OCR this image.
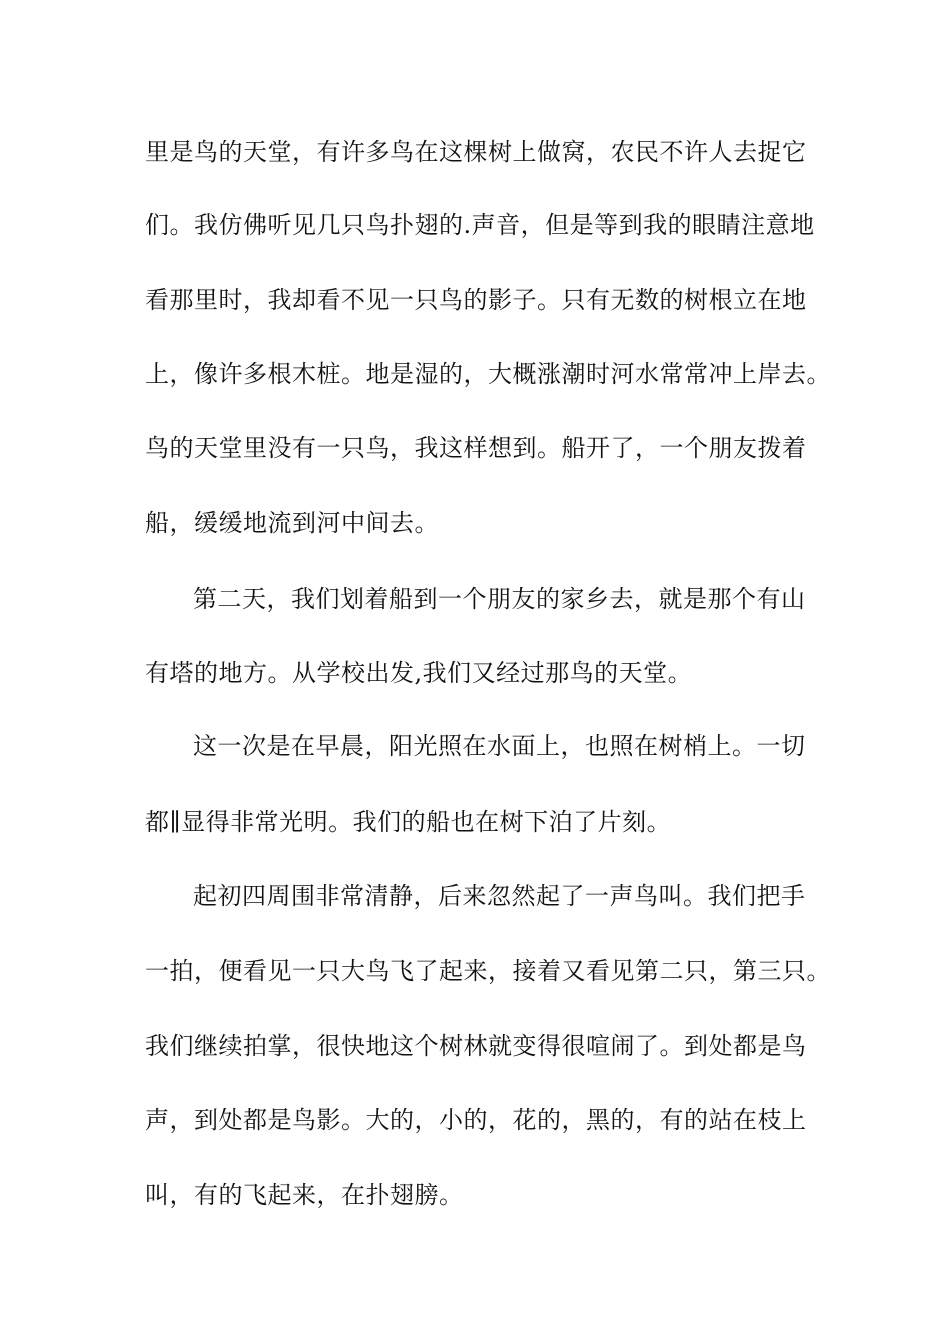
里是鸟的天堂，有许多鸟在这棵树上做窝，农民不许人去捉它
们。我仿佛听见几只鸟扑翅的.声音，但是等到我的眼睛注意地
看那里时，我却看不见一只鸟的影子。只有无数的树根立在地
上，像许多根木桩。地是湿的，大概涨潮时河水常常冲上岸去。
鸟的天堂里没有一只鸟，我这样想到。船开了，一个朋友拨着
船，缓缓地流到河中间去。
第二天，我们划着船到一个朋友的家乡去，就是那个有山
有塔的地方。从学校出发,我们又经过那鸟的天堂。
这一次是在早晨，阳光照在水面上，也照在树梢上。一切
都∥显得非常光明。我们的船也在树下泊了片刻。
起初四周围非常清静，后来忽然起了一声鸟叫。我们把手
一拍，便看见一只大鸟飞了起来，接着又看见第二只，第三只。
我们继续拍掌，很快地这个树林就变得很喧闹了。到处都是鸟
声，到处都是鸟影。大的，小的，花的，黑的，有的站在枝上
叫，有的飞起来，在扑翅膀。
